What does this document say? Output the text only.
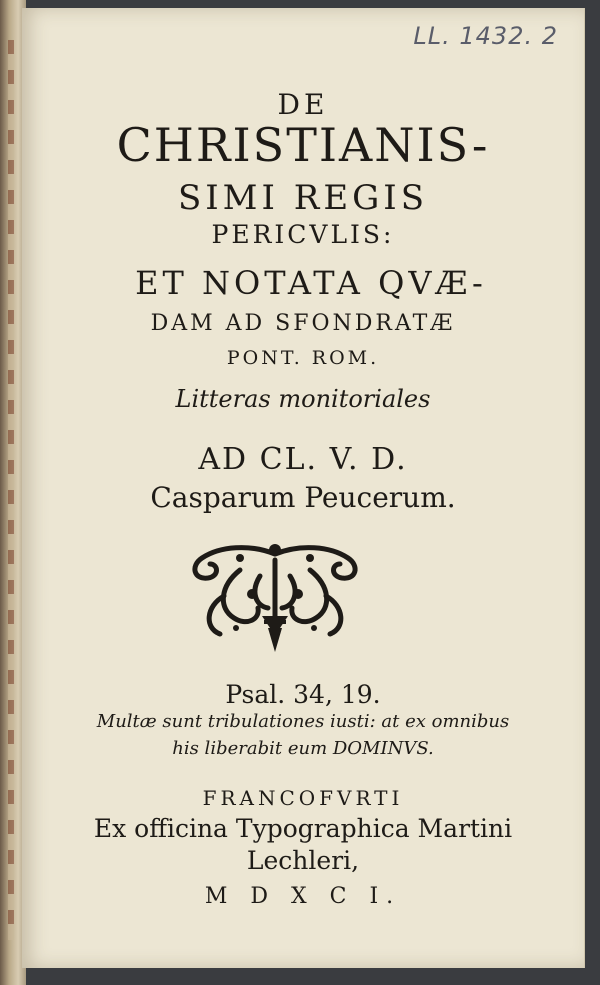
LL. 1432. 2

DE

CHRISTIANIS-

SIMI REGIS

PERICVLIS:

ET NOTATA QVÆ-

DAM AD SFONDRATÆ

PONT. ROM.

Litteras monitoriales

AD CL. V. D.

Casparum Peucerum.

Psal. 34, 19.

Multæ sunt tribulationes iusti: at ex omnibus

his liberabit eum DOMINVS.

FRANCOFVRTI

Ex officina Typographica Martini

Lechleri,

M D X C I.
